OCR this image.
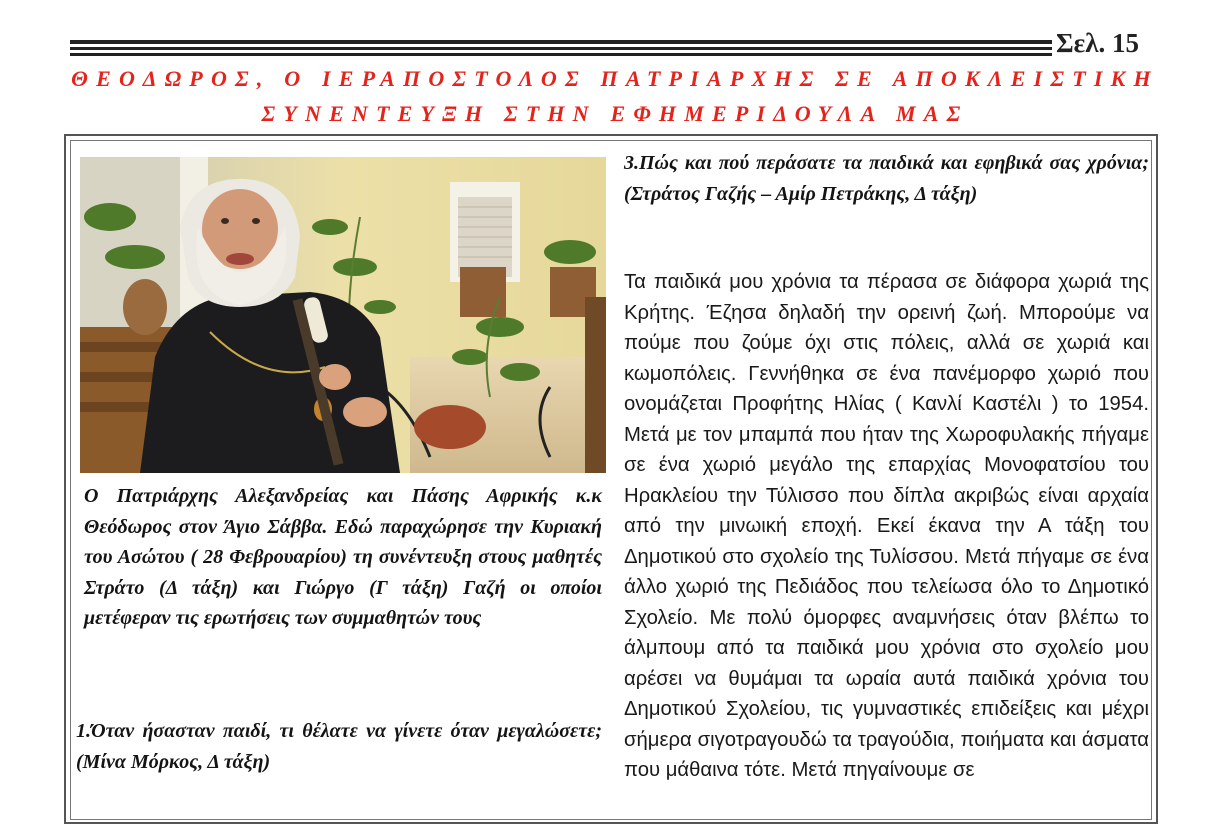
Σελ. 15
ΘΕΟΔΩΡΟΣ, Ο ΙΕΡΑΠΟΣΤΟΛΟΣ ΠΑΤΡΙΑΡΧΗΣ ΣΕ ΑΠΟΚΛΕΙΣΤΙΚΗ
ΣΥΝΕΝΤΕΥΞΗ ΣΤΗΝ ΕΦΗΜΕΡΙΔΟΥΛΑ ΜΑΣ
Ο Πατριάρχης Αλεξανδρείας και Πάσης Αφρικής κ.κ Θεόδωρος στον Άγιο Σάββα. Εδώ παραχώρησε την Κυριακή του Ασώτου ( 28 Φεβρουαρίου) τη συνέντευξη στους μαθητές Στράτο (Δ τάξη) και Γιώργο (Γ τάξη) Γαζή οι οποίοι μετέφεραν τις ερωτήσεις των συμμαθητών τους
1.Όταν ήσασταν παιδί, τι θέλατε να γίνετε όταν μεγαλώσετε; (Μίνα Μόρκος, Δ τάξη)
3.Πώς και πού περάσατε τα παιδικά και εφηβικά σας χρόνια; (Στράτος Γαζής – Αμίρ Πετράκης, Δ τάξη)
Τα παιδικά μου χρόνια τα πέρασα σε διάφορα χωριά της Κρήτης. Έζησα δηλαδή την ορεινή ζωή. Μπορούμε να πούμε που ζούμε όχι στις πόλεις, αλλά σε χωριά και κωμοπόλεις. Γεννήθηκα σε ένα πανέμορφο χωριό που ονομάζεται Προφήτης Ηλίας ( Κανλί Καστέλι ) το 1954. Μετά με τον μπαμπά που ήταν της Χωροφυλακής πήγαμε σε ένα χωριό μεγάλο της επαρχίας Μονοφατσίου του Ηρακλείου την Τύλισσο που δίπλα ακριβώς είναι αρχαία από την μινωική εποχή. Εκεί έκανα την Α τάξη του Δημοτικού στο σχολείο της Τυλίσσου. Μετά πήγαμε σε ένα άλλο χωριό της Πεδιάδος που τελείωσα όλο το Δημοτικό Σχολείο. Με πολύ όμορφες αναμνήσεις όταν βλέπω το άλμπουμ από τα παιδικά μου χρόνια στο σχολείο μου αρέσει να θυμάμαι τα ωραία αυτά παιδικά χρόνια του Δημοτικού Σχολείου, τις γυμναστικές επιδείξεις και μέχρι σήμερα σιγοτραγουδώ τα τραγούδια, ποιήματα και άσματα που μάθαινα τότε. Μετά πηγαίνουμε σε
